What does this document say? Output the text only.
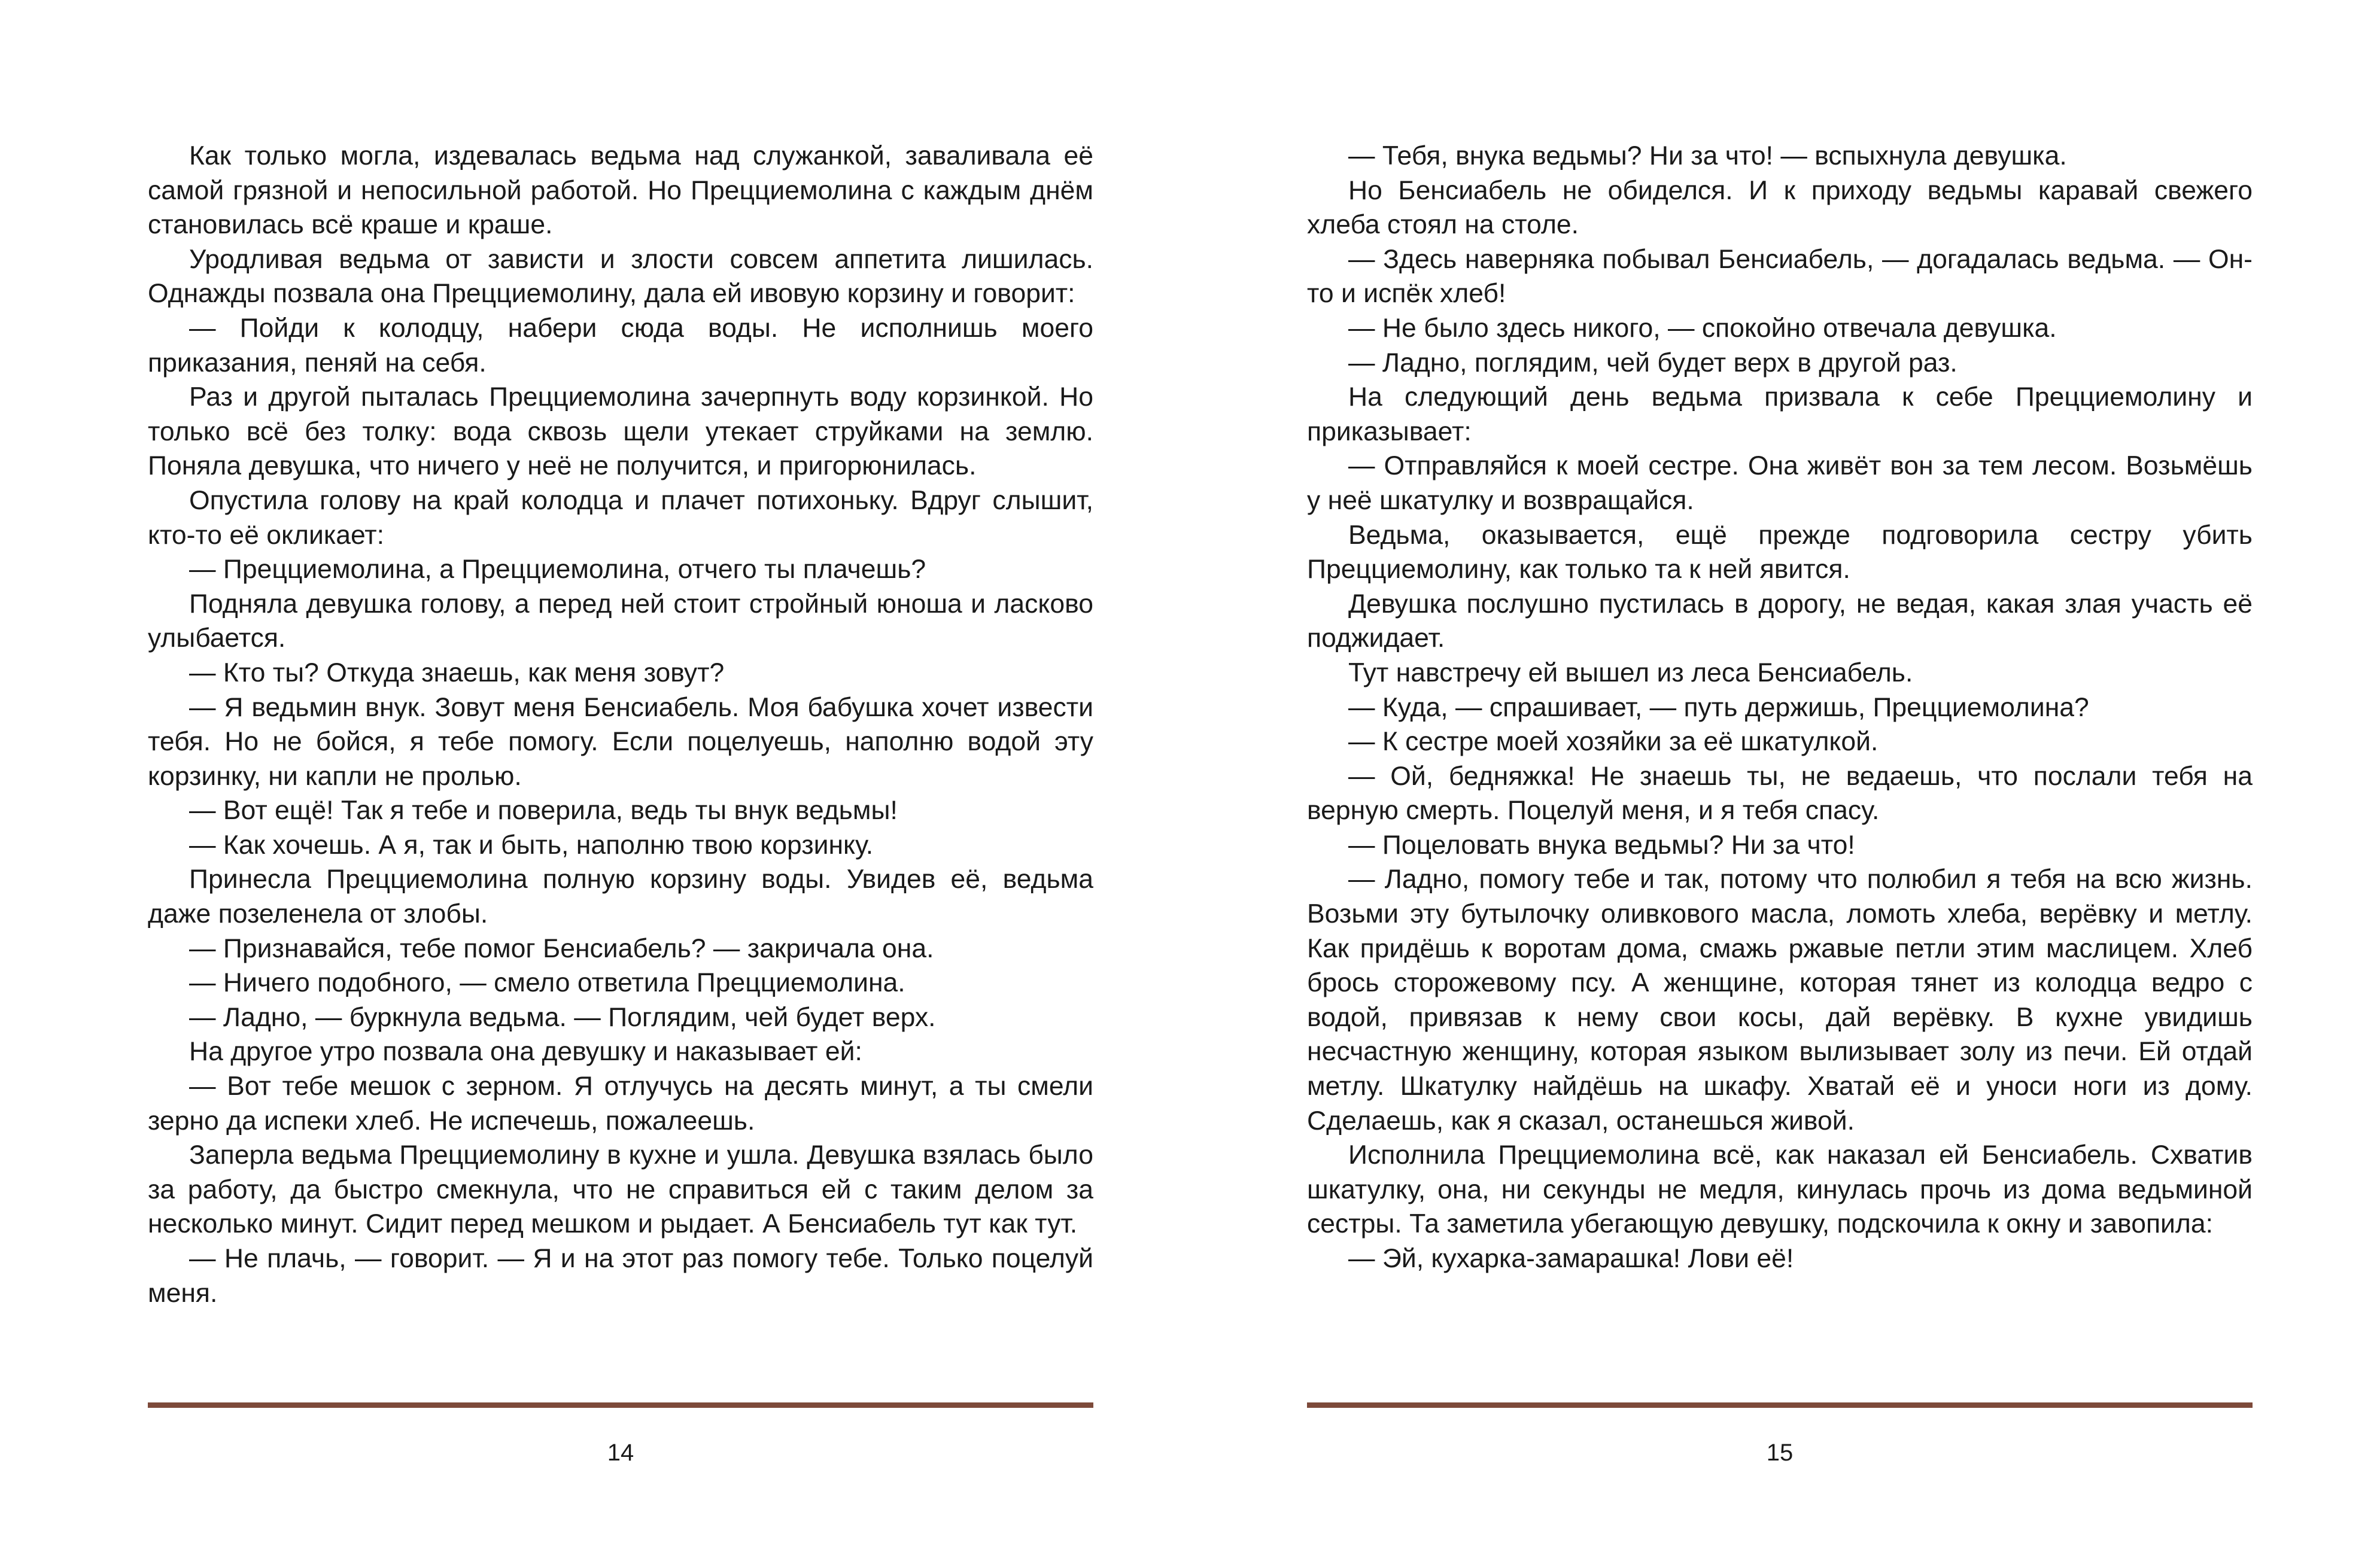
Как только могла, издевалась ведьма над служанкой, заваливала её самой грязной и непосильной работой. Но Прецциемолина с каждым днём становилась всё краше и краше.

Уродливая ведьма от зависти и злости совсем аппетита лишилась. Однажды позвала она Прецциемолину, дала ей ивовую корзину и говорит:

— Пойди к колодцу, набери сюда воды. Не исполнишь моего приказания, пеняй на себя.

Раз и другой пыталась Прецциемолина зачерпнуть воду корзинкой. Но только всё без толку: вода сквозь щели утекает струйками на землю. Поняла девушка, что ничего у неё не получится, и пригорюнилась.

Опустила голову на край колодца и плачет потихоньку. Вдруг слышит, кто-то её окликает:

— Прецциемолина, а Прецциемолина, отчего ты плачешь?

Подняла девушка голову, а перед ней стоит стройный юноша и ласково улыбается.

— Кто ты? Откуда знаешь, как меня зовут?

— Я ведьмин внук. Зовут меня Бенсиабель. Моя бабушка хочет извести тебя. Но не бойся, я тебе помогу. Если поцелуешь, наполню водой эту корзинку, ни капли не пролью.

— Вот ещё! Так я тебе и поверила, ведь ты внук ведьмы!

— Как хочешь. А я, так и быть, наполню твою корзинку.

Принесла Прецциемолина полную корзину воды. Увидев её, ведьма даже позеленела от злобы.

— Признавайся, тебе помог Бенсиабель? — закричала она.

— Ничего подобного, — смело ответила Прецциемолина.

— Ладно, — буркнула ведьма. — Поглядим, чей будет верх.

На другое утро позвала она девушку и наказывает ей:

— Вот тебе мешок с зерном. Я отлучусь на десять минут, а ты смели зерно да испеки хлеб. Не испечешь, пожалеешь.

Заперла ведьма Прецциемолину в кухне и ушла. Девушка взялась было за работу, да быстро смекнула, что не справиться ей с таким делом за несколько минут. Сидит перед мешком и рыдает. А Бенсиабель тут как тут.

— Не плачь, — говорит. — Я и на этот раз помогу тебе. Только поцелуй меня.

— Тебя, внука ведьмы? Ни за что! — вспыхнула девушка.

Но Бенсиабель не обиделся. И к приходу ведьмы каравай свежего хлеба стоял на столе.

— Здесь наверняка побывал Бенсиабель, — догадалась ведьма. — Он-то и испёк хлеб!

— Не было здесь никого, — спокойно отвечала девушка.

— Ладно, поглядим, чей будет верх в другой раз.

На следующий день ведьма призвала к себе Прецциемолину и приказывает:

— Отправляйся к моей сестре. Она живёт вон за тем лесом. Возьмёшь у неё шкатулку и возвращайся.

Ведьма, оказывается, ещё прежде подговорила сестру убить Прецциемолину, как только та к ней явится.

Девушка послушно пустилась в дорогу, не ведая, какая злая участь её поджидает.

Тут навстречу ей вышел из леса Бенсиабель.

— Куда, — спрашивает, — путь держишь, Прецциемолина?

— К сестре моей хозяйки за её шкатулкой.

— Ой, бедняжка! Не знаешь ты, не ведаешь, что послали тебя на верную смерть. Поцелуй меня, и я тебя спасу.

— Поцеловать внука ведьмы? Ни за что!

— Ладно, помогу тебе и так, потому что полюбил я тебя на всю жизнь. Возьми эту бутылочку оливкового масла, ломоть хлеба, верёвку и метлу. Как придёшь к воротам дома, смажь ржавые петли этим маслицем. Хлеб брось сторожевому псу. А женщине, которая тянет из колодца ведро с водой, привязав к нему свои косы, дай верёвку. В кухне увидишь несчастную женщину, которая языком вылизывает золу из печи. Ей отдай метлу. Шкатулку найдёшь на шкафу. Хватай её и уноси ноги из дому. Сделаешь, как я сказал, останешься живой.

Исполнила Прецциемолина всё, как наказал ей Бенсиабель. Схватив шкатулку, она, ни секунды не медля, кинулась прочь из дома ведьминой сестры. Та заметила убегающую девушку, подскочила к окну и завопила:

— Эй, кухарка-замарашка! Лови её!

14	15
